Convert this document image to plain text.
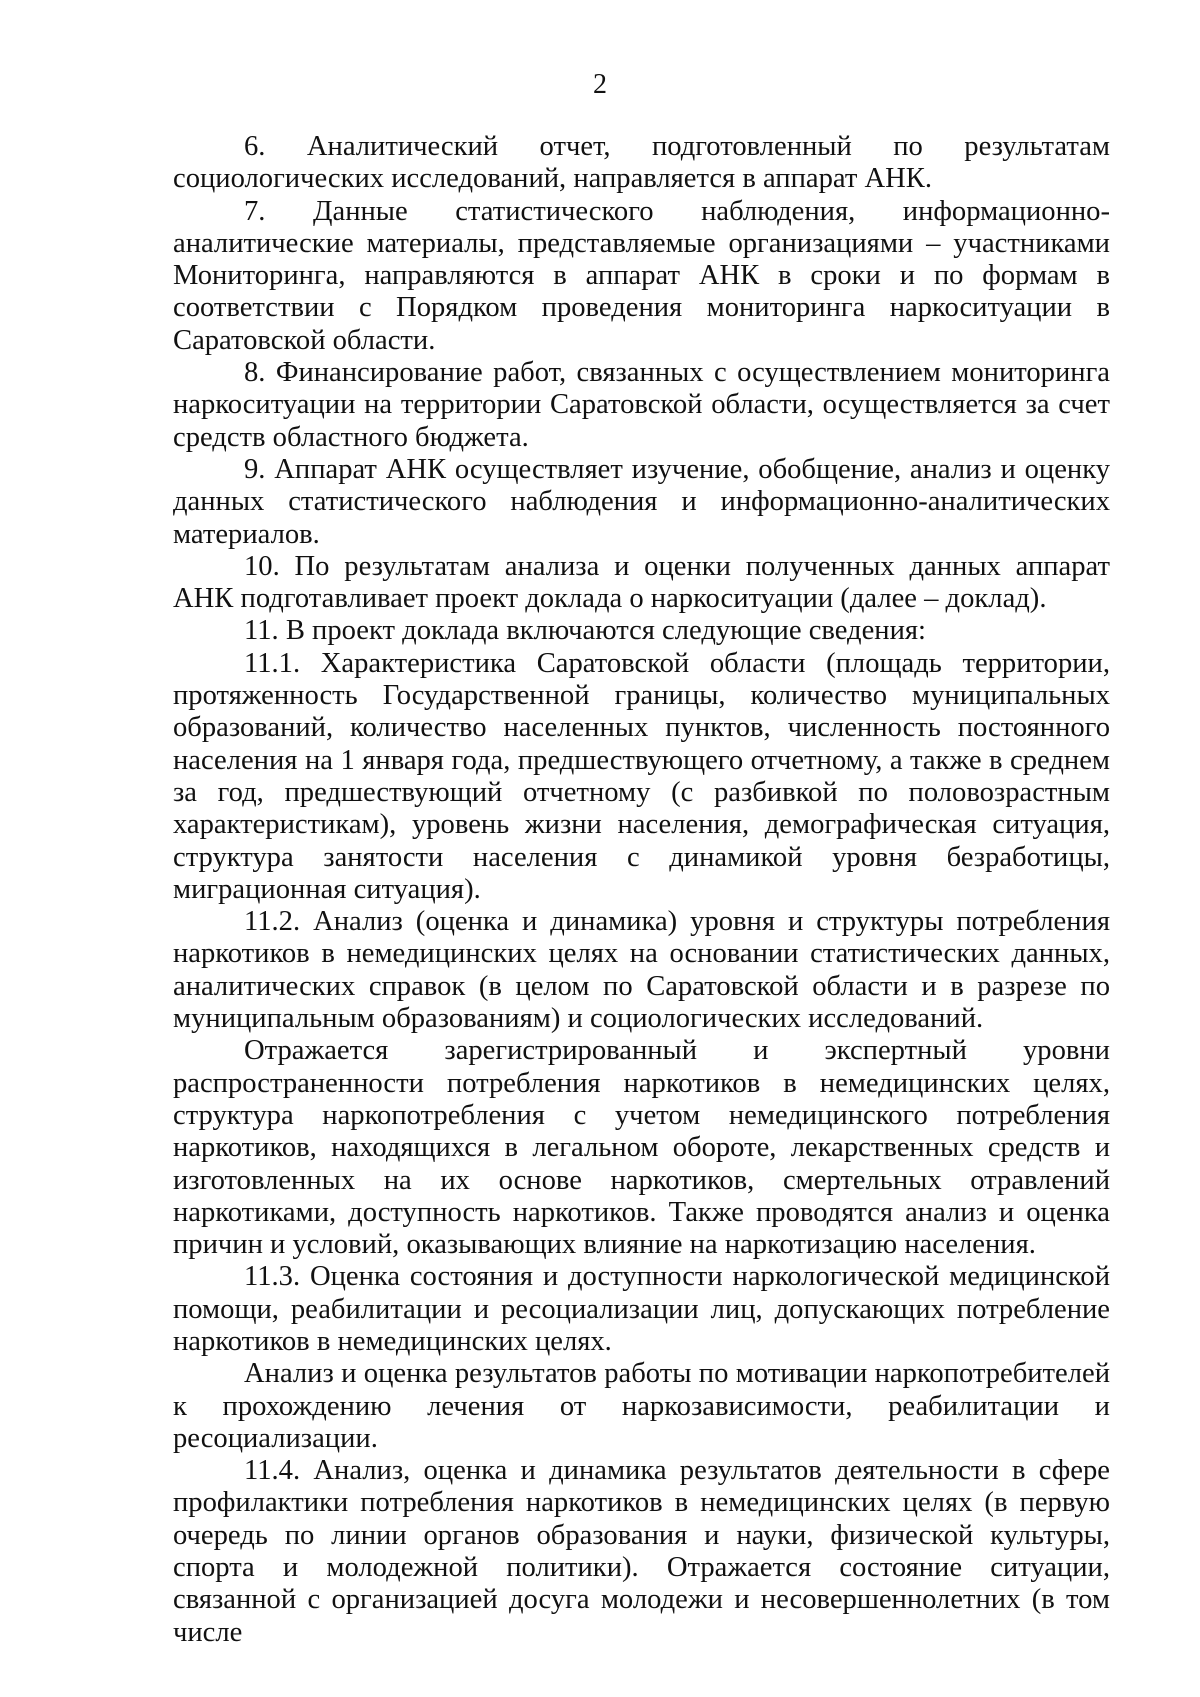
2

6. Аналитический отчет, подготовленный по результатам социологических исследований, направляется в аппарат АНК.

7. Данные статистического наблюдения, информационно-аналитические материалы, представляемые организациями – участниками Мониторинга, направляются в аппарат АНК в сроки и по формам в соответствии с Порядком проведения мониторинга наркоситуации в Саратовской области.

8. Финансирование работ, связанных с осуществлением мониторинга наркоситуации на территории Саратовской области, осуществляется за счет средств областного бюджета.

9. Аппарат АНК осуществляет изучение, обобщение, анализ и оценку данных статистического наблюдения и информационно-аналитических материалов.

10. По результатам анализа и оценки полученных данных аппарат АНК подготавливает проект доклада о наркоситуации (далее – доклад).

11. В проект доклада включаются следующие сведения:

11.1. Характеристика Саратовской области (площадь территории, протяженность Государственной границы, количество муниципальных образований, количество населенных пунктов, численность постоянного населения на 1 января года, предшествующего отчетному, а также в среднем за год, предшествующий отчетному (с разбивкой по половозрастным характеристикам), уровень жизни населения, демографическая ситуация, структура занятости населения с динамикой уровня безработицы, миграционная ситуация).

11.2. Анализ (оценка и динамика) уровня и структуры потребления наркотиков в немедицинских целях на основании статистических данных, аналитических справок (в целом по Саратовской области и в разрезе по муниципальным образованиям) и социологических исследований.

Отражается зарегистрированный и экспертный уровни распространенности потребления наркотиков в немедицинских целях, структура наркопотребления с учетом немедицинского потребления наркотиков, находящихся в легальном обороте, лекарственных средств и изготовленных на их основе наркотиков, смертельных отравлений наркотиками, доступность наркотиков. Также проводятся анализ и оценка причин и условий, оказывающих влияние на наркотизацию населения.

11.3. Оценка состояния и доступности наркологической медицинской помощи, реабилитации и ресоциализации лиц, допускающих потребление наркотиков в немедицинских целях.

Анализ и оценка результатов работы по мотивации наркопотребителей к прохождению лечения от наркозависимости, реабилитации и ресоциализации.

11.4. Анализ, оценка и динамика результатов деятельности в сфере профилактики потребления наркотиков в немедицинских целях (в первую очередь по линии органов образования и науки, физической культуры, спорта и молодежной политики). Отражается состояние ситуации, связанной с организацией досуга молодежи и несовершеннолетних (в том числе
